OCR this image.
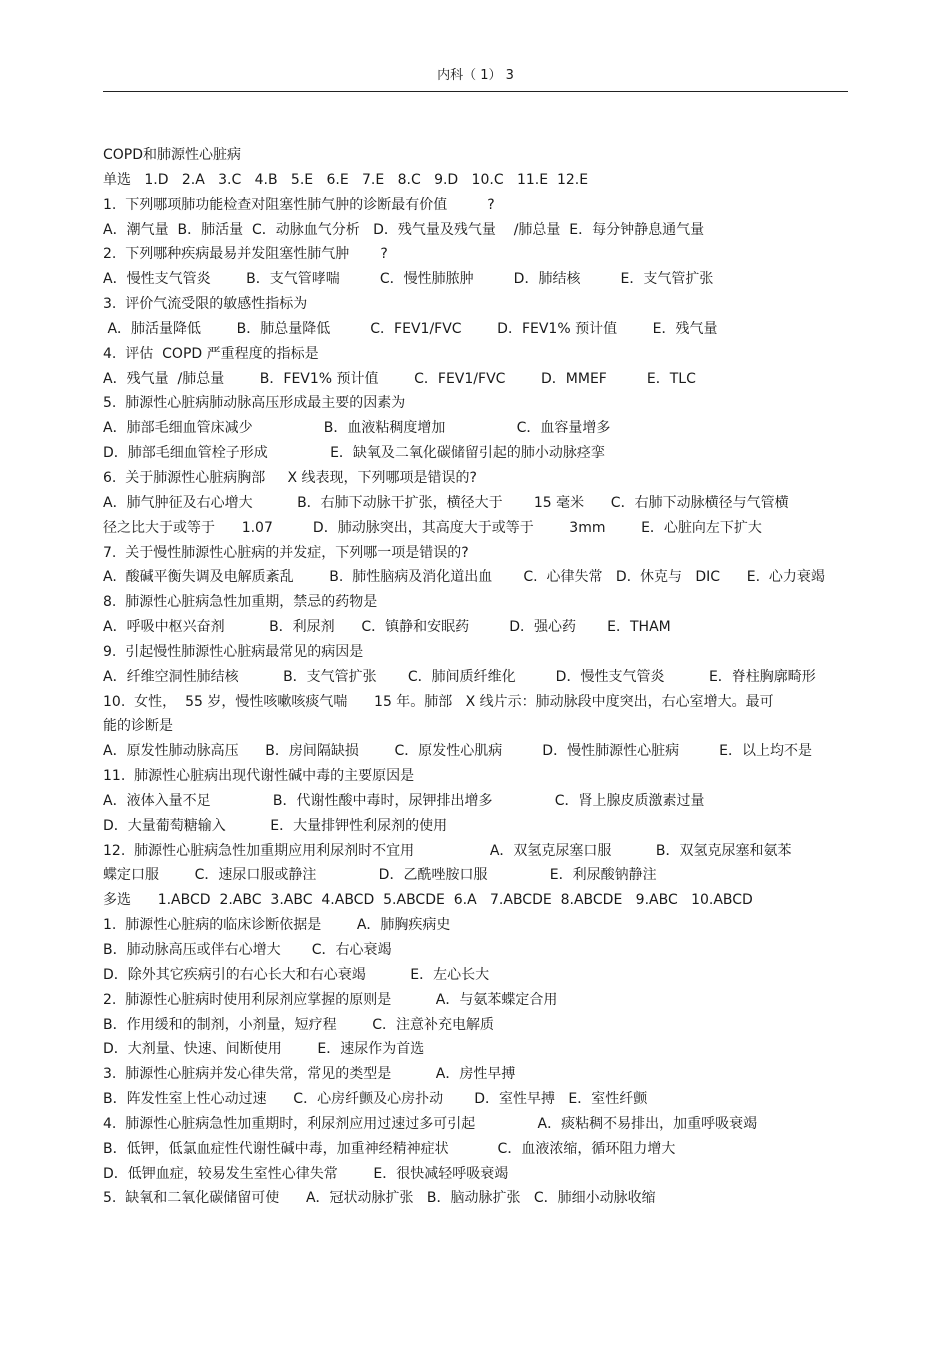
内科（ 1） 3
COPD和肺源性心脏病
单选   1.D   2.A   3.C   4.B   5.E   6.E   7.E   8.C   9.D   10.C   11.E  12.E
1.  下列哪项肺功能检查对阻塞性肺气肿的诊断最有价值         ?
A．潮气量  B．肺活量  C．动脉血气分析   D．残气量及残气量    /肺总量  E．每分钟静息通气量
2.  下列哪种疾病最易并发阻塞性肺气肿       ?
A．慢性支气管炎        B．支气管哮喘         C．慢性肺脓肿         D．肺结核         E．支气管扩张
3.  评价气流受限的敏感性指标为
A．肺活量降低        B．肺总量降低         C．FEV1/FVC        D．FEV1% 预计值        E．残气量
4.  评估  COPD 严重程度的指标是
A．残气量  /肺总量        B．FEV1% 预计值        C．FEV1/FVC        D．MMEF         E．TLC
5.  肺源性心脏病肺动脉高压形成最主要的因素为
A．肺部毛细血管床减少                B．血液粘稠度增加                C．血容量增多
D．肺部毛细血管栓子形成              E．缺氧及二氧化碳储留引起的肺小动脉痉挛
6.  关于肺源性心脏病胸部     X 线表现，下列哪项是错误的?
A．肺气肿征及右心增大          B．右肺下动脉干扩张，横径大于       15 毫米      C．右肺下动脉横径与气管横
径之比大于或等于      1.07         D．肺动脉突出，其高度大于或等于        3mm        E．心脏向左下扩大
7.  关于慢性肺源性心脏病的并发症，下列哪一项是错误的?
A.  酸碱平衡失调及电解质紊乱        B.  肺性脑病及消化道出血       C.  心律失常   D.  休克与   DIC      E.  心力衰竭
8.  肺源性心脏病急性加重期，禁忌的药物是
A．呼吸中枢兴奋剂          B．利尿剂      C．镇静和安眠药         D．强心药       E．THAM
9.  引起慢性肺源性心脏病最常见的病因是
A．纤维空洞性肺结核          B．支气管扩张       C．肺间质纤维化         D．慢性支气管炎          E．脊柱胸廓畸形
10.  女性，  55 岁，慢性咳嗽咳痰气喘      15 年。肺部   X 线片示：肺动脉段中度突出，右心室增大。最可
能的诊断是
A．原发性肺动脉高压      B．房间隔缺损        C．原发性心肌病         D．慢性肺源性心脏病         E．以上均不是
11.  肺源性心脏病出现代谢性碱中毒的主要原因是
A．液体入量不足              B．代谢性酸中毒时，尿钾排出增多              C．肾上腺皮质激素过量
D．大量葡萄糖输入          E．大量排钾性利尿剂的使用
12.  肺源性心脏病急性加重期应用利尿剂时不宜用                 A．双氢克尿塞口服          B．双氢克尿塞和氨苯
蝶定口服        C．速尿口服或静注              D．乙酰唑胺口服              E．利尿酸钠静注
多选      1.ABCD  2.ABC  3.ABC  4.ABCD  5.ABCDE  6.A   7.ABCDE  8.ABCDE   9.ABC   10.ABCD
1.  肺源性心脏病的临床诊断依据是        A．肺胸疾病史
B．肺动脉高压或伴右心增大       C．右心衰竭
D．除外其它疾病引的右心长大和右心衰竭          E．左心长大
2.  肺源性心脏病时使用利尿剂应掌握的原则是          A．与氨苯蝶定合用
B．作用缓和的制剂，小剂量，短疗程        C．注意补充电解质
D．大剂量、快速、间断使用        E．速尿作为首选
3.  肺源性心脏病并发心律失常，常见的类型是          A．房性早搏
B．阵发性室上性心动过速      C．心房纤颤及心房扑动       D．室性早搏   E．室性纤颤
4.  肺源性心脏病急性加重期时，利尿剂应用过速过多可引起              A．痰粘稠不易排出，加重呼吸衰竭
B．低钾，低氯血症性代谢性碱中毒，加重神经精神症状           C．血液浓缩，循环阻力增大
D．低钾血症，较易发生室性心律失常        E．很快减轻呼吸衰竭
5.  缺氧和二氧化碳储留可使      A．冠状动脉扩张   B．脑动脉扩张   C．肺细小动脉收缩
